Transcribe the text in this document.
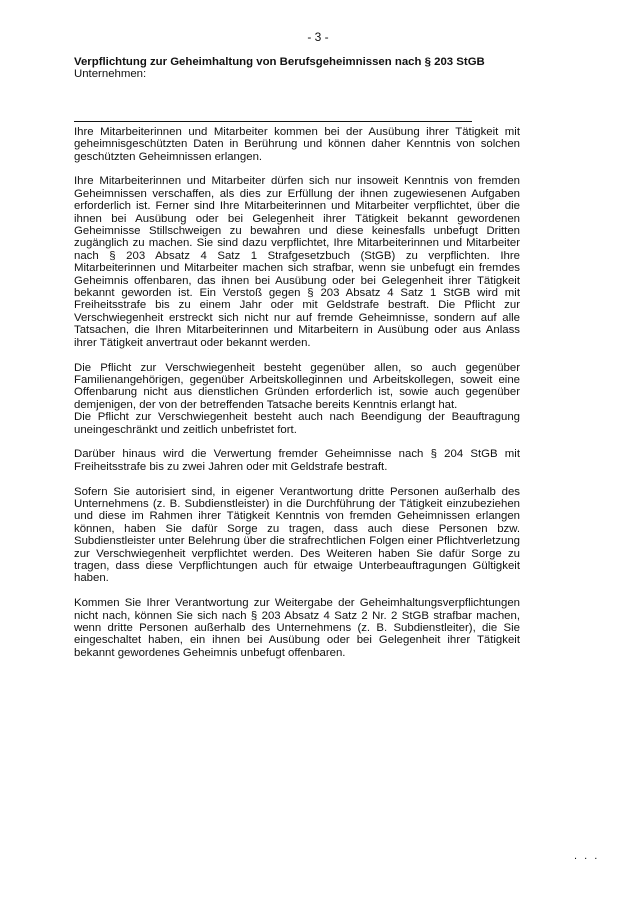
- 3 -

Verpflichtung zur Geheimhaltung von Berufsgeheimnissen nach § 203 StGB

Unternehmen:

Ihre Mitarbeiterinnen und Mitarbeiter kommen bei der Ausübung ihrer Tätigkeit mit geheimnisgeschützten Daten in Berührung und können daher Kenntnis von solchen geschützten Geheimnissen erlangen.

Ihre Mitarbeiterinnen und Mitarbeiter dürfen sich nur insoweit Kenntnis von fremden Geheimnissen verschaffen, als dies zur Erfüllung der ihnen zugewiesenen Aufgaben erforderlich ist. Ferner sind Ihre Mitarbeiterinnen und Mitarbeiter verpflichtet, über die ihnen bei Ausübung oder bei Gelegenheit ihrer Tätigkeit bekannt gewordenen Geheimnisse Stillschweigen zu bewahren und diese keinesfalls unbefugt Dritten zugänglich zu machen. Sie sind dazu verpflichtet, Ihre Mitarbeiterinnen und Mitarbeiter nach § 203 Absatz 4 Satz 1 Strafgesetzbuch (StGB) zu verpflichten. Ihre Mitarbeiterinnen und Mitarbeiter machen sich strafbar, wenn sie unbefugt ein fremdes Geheimnis offenbaren, das ihnen bei Ausübung oder bei Gelegenheit ihrer Tätigkeit bekannt geworden ist. Ein Verstoß gegen § 203 Absatz 4 Satz 1 StGB wird mit Freiheitsstrafe bis zu einem Jahr oder mit Geldstrafe bestraft. Die Pflicht zur Verschwiegenheit erstreckt sich nicht nur auf fremde Geheimnisse, sondern auf alle Tatsachen, die Ihren Mitarbeiterinnen und Mitarbeitern in Ausübung oder aus Anlass ihrer Tätigkeit anvertraut oder bekannt werden.

Die Pflicht zur Verschwiegenheit besteht gegenüber allen, so auch gegenüber Familienangehörigen, gegenüber Arbeitskolleginnen und Arbeitskollegen, soweit eine Offenbarung nicht aus dienstlichen Gründen erforderlich ist, sowie auch gegenüber demjenigen, der von der betreffenden Tatsache bereits Kenntnis erlangt hat.

Die Pflicht zur Verschwiegenheit besteht auch nach Beendigung der Beauftragung uneingeschränkt und zeitlich unbefristet fort.

Darüber hinaus wird die Verwertung fremder Geheimnisse nach § 204 StGB mit Freiheitsstrafe bis zu zwei Jahren oder mit Geldstrafe bestraft.

Sofern Sie autorisiert sind, in eigener Verantwortung dritte Personen außerhalb des Unternehmens (z. B. Subdienstleister) in die Durchführung der Tätigkeit einzubeziehen und diese im Rahmen ihrer Tätigkeit Kenntnis von fremden Geheimnissen erlangen können, haben Sie dafür Sorge zu tragen, dass auch diese Personen bzw. Subdienstleister unter Belehrung über die strafrechtlichen Folgen einer Pflichtverletzung zur Verschwiegenheit verpflichtet werden. Des Weiteren haben Sie dafür Sorge zu tragen, dass diese Verpflichtungen auch für etwaige Unterbeauftragungen Gültigkeit haben.

Kommen Sie Ihrer Verantwortung zur Weitergabe der Geheimhaltungsverpflichtungen nicht nach, können Sie sich nach § 203 Absatz 4 Satz 2 Nr. 2 StGB strafbar machen, wenn dritte Personen außerhalb des Unternehmens (z. B. Subdienstleiter), die Sie eingeschaltet haben, ein ihnen bei Ausübung oder bei Gelegenheit ihrer Tätigkeit bekannt gewordenes Geheimnis unbefugt offenbaren.

. . .
